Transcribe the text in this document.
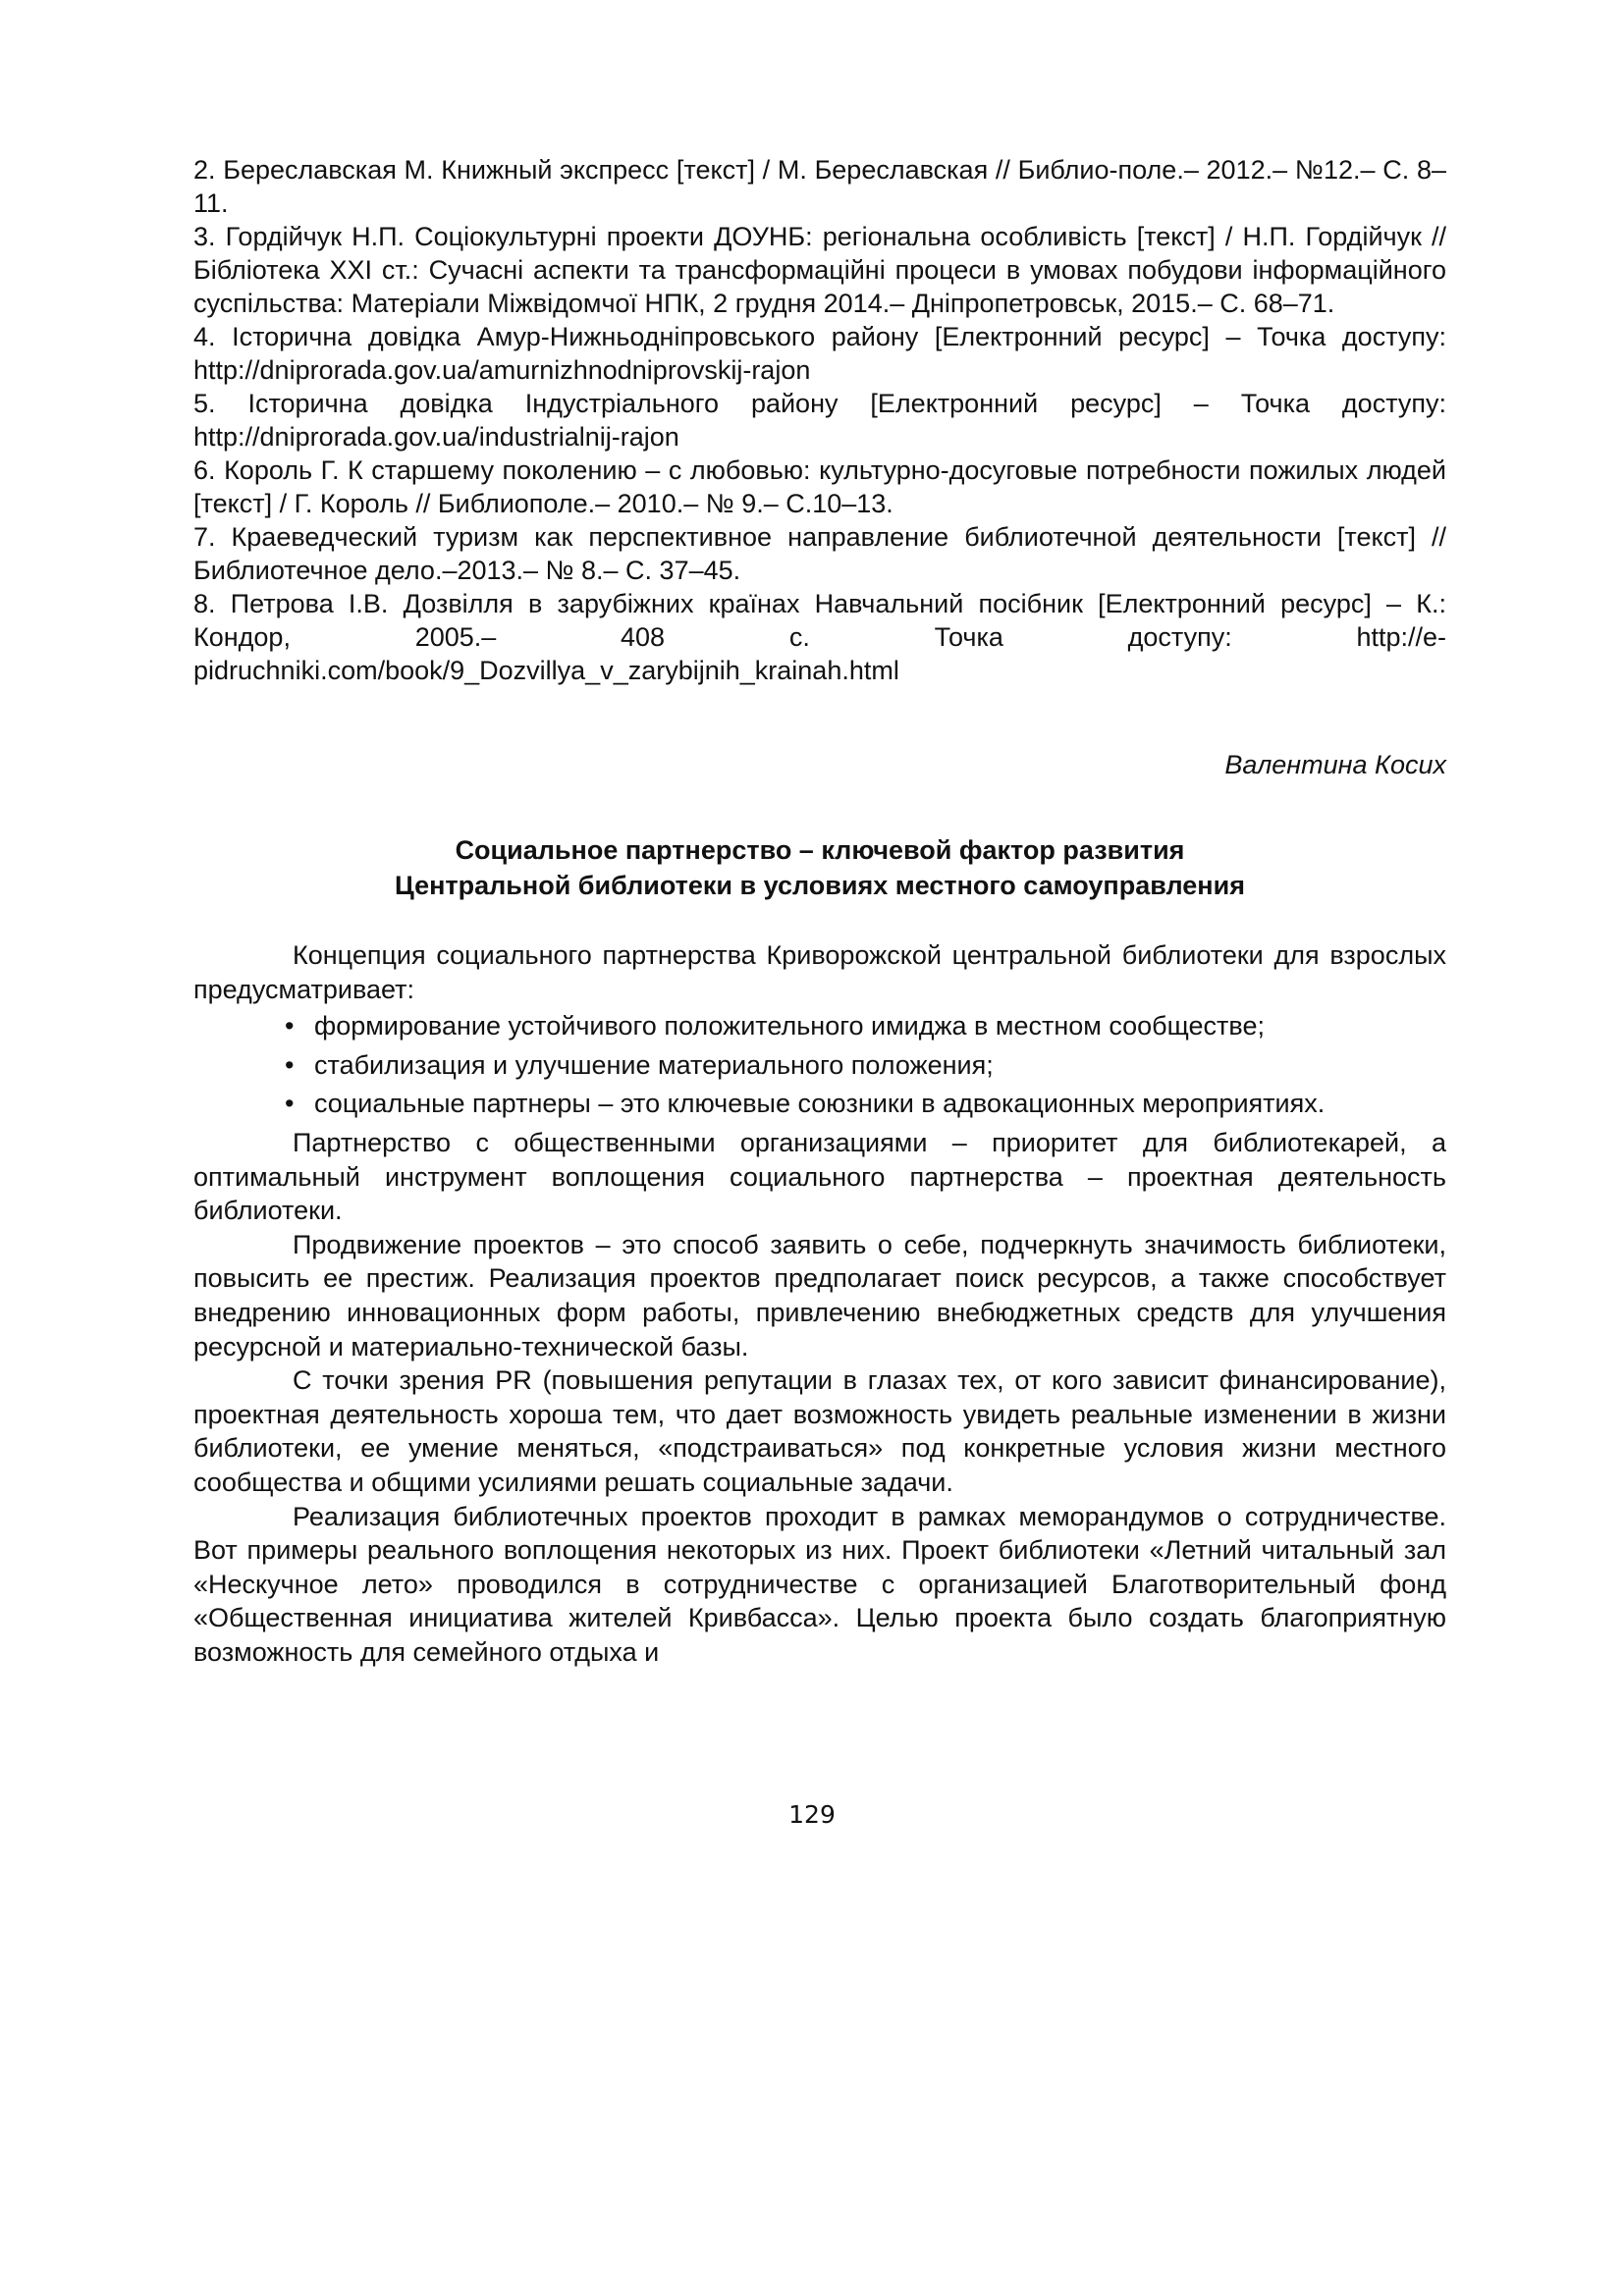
2. Береславская М. Книжный экспресс [текст] / М. Береславская // Библио-поле.– 2012.– №12.– С. 8–11.

3. Гордійчук Н.П. Соціокультурні проекти ДОУНБ: регіональна особливість [текст] / Н.П. Гордійчук // Бібліотека XXI ст.: Сучасні аспекти та трансформаційні процеси в умовах побудови інформаційного суспільства: Матеріали Міжвідомчої НПК, 2 грудня 2014.– Дніпропетровськ, 2015.– С. 68–71.

4. Історична довідка Амур-Нижньодніпровського району [Електронний ресурс] – Точка доступу: http://dniprorada.gov.ua/amurnizhnodniprovskij-rajon

5. Історична довідка Індустріального району [Електронний ресурс] – Точка доступу: http://dniprorada.gov.ua/industrialnij-rajon

6. Король Г. К старшему поколению – с любовью: культурно-досуговые потребности пожилых людей [текст] / Г. Король // Библиополе.– 2010.– № 9.– С.10–13.

7. Краеведческий туризм как перспективное направление библиотечной деятельности [текст] // Библиотечное дело.–2013.– № 8.– С. 37–45.

8. Петрова І.В. Дозвілля в зарубіжних країнах Навчальний посібник [Електронний ресурс] – К.: Кондор, 2005.– 408 с. Точка доступу: http://e-pidruchniki.com/book/9_Dozvillya_v_zarybijnih_krainah.html

Валентина Косих
Социальное партнерство – ключевой фактор развития
Центральной библиотеки в условиях местного самоуправления

Концепция социального партнерства Криворожской центральной библиотеки для взрослых предусматривает:

• формирование устойчивого положительного имиджа в местном сообществе;
• стабилизация и улучшение материального положения;
• социальные партнеры – это ключевые союзники в адвокационных мероприятиях.

Партнерство с общественными организациями – приоритет для библиотекарей, а оптимальный инструмент воплощения социального партнерства – проектная деятельность библиотеки.

Продвижение проектов – это способ заявить о себе, подчеркнуть значимость библиотеки, повысить ее престиж. Реализация проектов предполагает поиск ресурсов, а также способствует внедрению инновационных форм работы, привлечению внебюджетных средств для улучшения ресурсной и материально-технической базы.

С точки зрения PR (повышения репутации в глазах тех, от кого зависит финансирование), проектная деятельность хороша тем, что дает возможность увидеть реальные изменении в жизни библиотеки, ее умение меняться, «подстраиваться» под конкретные условия жизни местного сообщества и общими усилиями решать социальные задачи.

Реализация библиотечных проектов проходит в рамках меморандумов о сотрудничестве. Вот примеры реального воплощения некоторых из них. Проект библиотеки «Летний читальный зал «Нескучное лето» проводился в сотрудничестве с организацией Благотворительный фонд «Общественная инициатива жителей Кривбасса». Целью проекта было создать благоприятную возможность для семейного отдыха и

129
